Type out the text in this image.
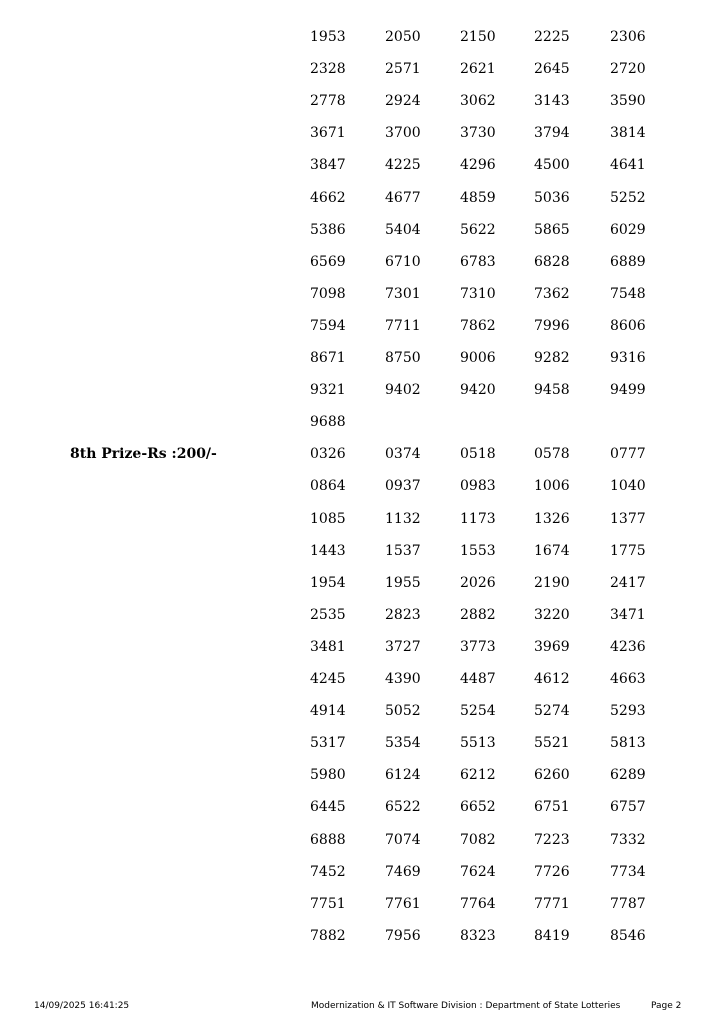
1953	2050	2150	2225	2306
2328	2571	2621	2645	2720
2778	2924	3062	3143	3590
3671	3700	3730	3794	3814
3847	4225	4296	4500	4641
4662	4677	4859	5036	5252
5386	5404	5622	5865	6029
6569	6710	6783	6828	6889
7098	7301	7310	7362	7548
7594	7711	7862	7996	8606
8671	8750	9006	9282	9316
9321	9402	9420	9458	9499
9688
8th Prize-Rs :200/-	0326	0374	0518	0578	0777
0864	0937	0983	1006	1040
1085	1132	1173	1326	1377
1443	1537	1553	1674	1775
1954	1955	2026	2190	2417
2535	2823	2882	3220	3471
3481	3727	3773	3969	4236
4245	4390	4487	4612	4663
4914	5052	5254	5274	5293
5317	5354	5513	5521	5813
5980	6124	6212	6260	6289
6445	6522	6652	6751	6757
6888	7074	7082	7223	7332
7452	7469	7624	7726	7734
7751	7761	7764	7771	7787
7882	7956	8323	8419	8546
14/09/2025 16:41:25	Modernization & IT Software Division : Department of State Lotteries	Page 2
